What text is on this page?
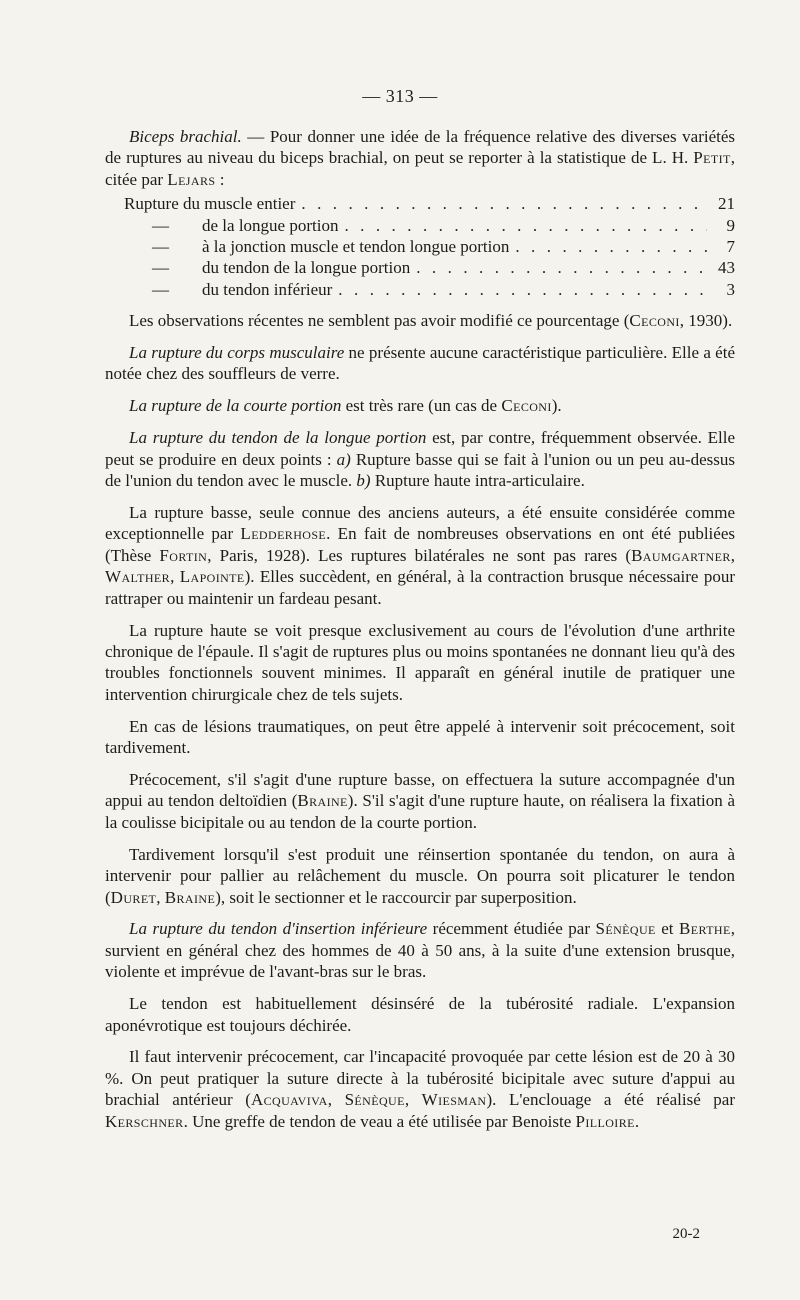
— 313 —

Biceps brachial. — Pour donner une idée de la fréquence relative des diverses variétés de ruptures au niveau du biceps brachial, on peut se reporter à la statistique de L. H. Petit, citée par Lejars :

Rupture du muscle entier . . .	21
— de la longue portion . . .	9
— à la jonction muscle et tendon longue portion . . .	7
— du tendon de la longue portion . . .	43
— du tendon inférieur . . .	3

Les observations récentes ne semblent pas avoir modifié ce pourcentage (Ceconi, 1930).

La rupture du corps musculaire ne présente aucune caractéristique particulière. Elle a été notée chez des souffleurs de verre.

La rupture de la courte portion est très rare (un cas de Ceconi).

La rupture du tendon de la longue portion est, par contre, fréquemment observée. Elle peut se produire en deux points : a) Rupture basse qui se fait à l'union ou un peu au-dessus de l'union du tendon avec le muscle. b) Rupture haute intra-articulaire.

La rupture basse, seule connue des anciens auteurs, a été ensuite considérée comme exceptionnelle par Ledderhose. En fait de nombreuses observations en ont été publiées (Thèse Fortin, Paris, 1928). Les ruptures bilatérales ne sont pas rares (Baumgartner, Walther, Lapointe). Elles succèdent, en général, à la contraction brusque nécessaire pour rattraper ou maintenir un fardeau pesant.

La rupture haute se voit presque exclusivement au cours de l'évolution d'une arthrite chronique de l'épaule. Il s'agit de ruptures plus ou moins spontanées ne donnant lieu qu'à des troubles fonctionnels souvent minimes. Il apparaît en général inutile de pratiquer une intervention chirurgicale chez de tels sujets.

En cas de lésions traumatiques, on peut être appelé à intervenir soit précocement, soit tardivement.

Précocement, s'il s'agit d'une rupture basse, on effectuera la suture accompagnée d'un appui au tendon deltoïdien (Braine). S'il s'agit d'une rupture haute, on réalisera la fixation à la coulisse bicipitale ou au tendon de la courte portion.

Tardivement lorsqu'il s'est produit une réinsertion spontanée du tendon, on aura à intervenir pour pallier au relâchement du muscle. On pourra soit plicaturer le tendon (Duret, Braine), soit le sectionner et le raccourcir par superposition.

La rupture du tendon d'insertion inférieure récemment étudiée par Sénèque et Berthe, survient en général chez des hommes de 40 à 50 ans, à la suite d'une extension brusque, violente et imprévue de l'avant-bras sur le bras.

Le tendon est habituellement désinséré de la tubérosité radiale. L'expansion aponévrotique est toujours déchirée.

Il faut intervenir précocement, car l'incapacité provoquée par cette lésion est de 20 à 30 %. On peut pratiquer la suture directe à la tubérosité bicipitale avec suture d'appui au brachial antérieur (Acquaviva, Sénèque, Wiesman). L'enclouage a été réalisé par Kerschner. Une greffe de tendon de veau a été utilisée par Benoiste Pilloire.

20-2
